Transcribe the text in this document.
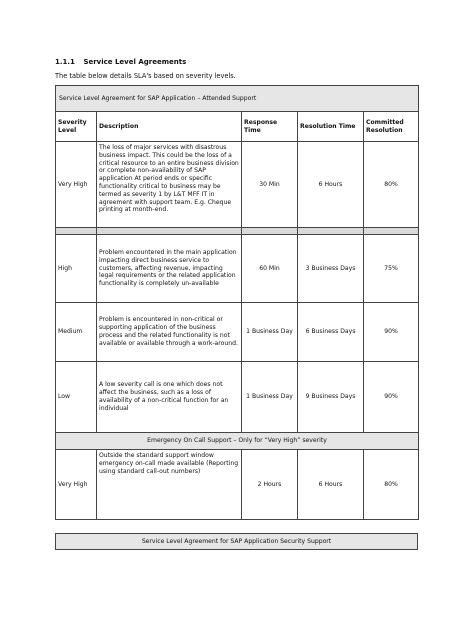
1.1.1 Service Level Agreements
The table below details SLA's based on severity levels.
Service Level Agreement for SAP Application – Attended Support				
Severity Level	Description	Response Time	Resolution Time	Committed Resolution
Very High	The loss of major services with disastrous business impact. This could be the loss of a critical resource to an entire business division or complete non-availability of SAP application At period ends or specific functionality critical to business may be termed as severity 1 by L&T MFF IT in agreement with support team. E.g. Cheque printing at month-end.	30 Min	6 Hours	80%

High	Problem encountered in the main application impacting direct business service to customers, affecting revenue, impacting legal requirements or the related application functionality is completely un-available	60 Min	3 Business Days	75%
Medium	Problem is encountered in non-critical or supporting application of the business process and the related functionality is not available or available through a work-around.	1 Business Day	6 Business Days	90%
Low	A low severity call is one which does not affect the business, such as a loss of availability of a non-critical function for an individual	1 Business Day	9 Business Days	90%
Emergency On Call Support – Only for “Very High” severity				
Very High	Outside the standard support window emergency on-call made available (Reporting using standard call-out numbers)	2 Hours	6 Hours	80%
Service Level Agreement for SAP Application Security Support
